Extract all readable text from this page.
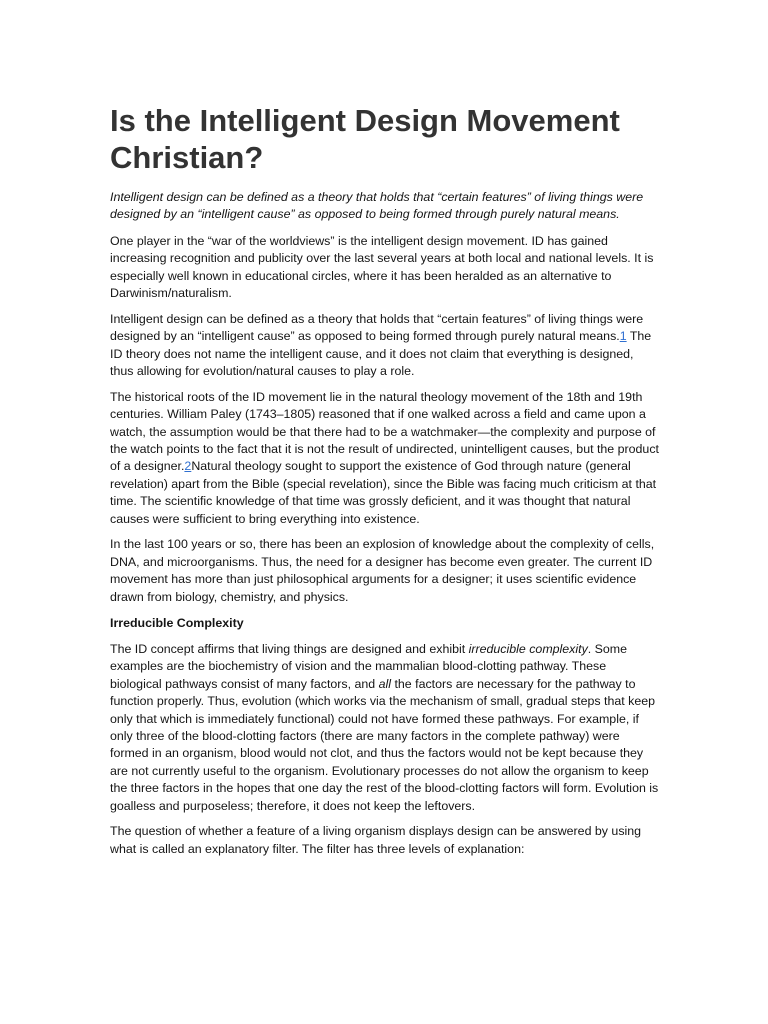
Is the Intelligent Design Movement Christian?

Intelligent design can be defined as a theory that holds that “certain features” of living things were designed by an “intelligent cause” as opposed to being formed through purely natural means.

One player in the “war of the worldviews” is the intelligent design movement. ID has gained increasing recognition and publicity over the last several years at both local and national levels. It is especially well known in educational circles, where it has been heralded as an alternative to Darwinism/naturalism.

Intelligent design can be defined as a theory that holds that “certain features” of living things were designed by an “intelligent cause” as opposed to being formed through purely natural means.1 The ID theory does not name the intelligent cause, and it does not claim that everything is designed, thus allowing for evolution/natural causes to play a role.

The historical roots of the ID movement lie in the natural theology movement of the 18th and 19th centuries. William Paley (1743–1805) reasoned that if one walked across a field and came upon a watch, the assumption would be that there had to be a watchmaker—the complexity and purpose of the watch points to the fact that it is not the result of undirected, unintelligent causes, but the product of a designer.2Natural theology sought to support the existence of God through nature (general revelation) apart from the Bible (special revelation), since the Bible was facing much criticism at that time. The scientific knowledge of that time was grossly deficient, and it was thought that natural causes were sufficient to bring everything into existence.

In the last 100 years or so, there has been an explosion of knowledge about the complexity of cells, DNA, and microorganisms. Thus, the need for a designer has become even greater. The current ID movement has more than just philosophical arguments for a designer; it uses scientific evidence drawn from biology, chemistry, and physics.

Irreducible Complexity

The ID concept affirms that living things are designed and exhibit irreducible complexity. Some examples are the biochemistry of vision and the mammalian blood-clotting pathway. These biological pathways consist of many factors, and all the factors are necessary for the pathway to function properly. Thus, evolution (which works via the mechanism of small, gradual steps that keep only that which is immediately functional) could not have formed these pathways. For example, if only three of the blood-clotting factors (there are many factors in the complete pathway) were formed in an organism, blood would not clot, and thus the factors would not be kept because they are not currently useful to the organism. Evolutionary processes do not allow the organism to keep the three factors in the hopes that one day the rest of the blood-clotting factors will form. Evolution is goalless and purposeless; therefore, it does not keep the leftovers.

The question of whether a feature of a living organism displays design can be answered by using what is called an explanatory filter. The filter has three levels of explanation:
